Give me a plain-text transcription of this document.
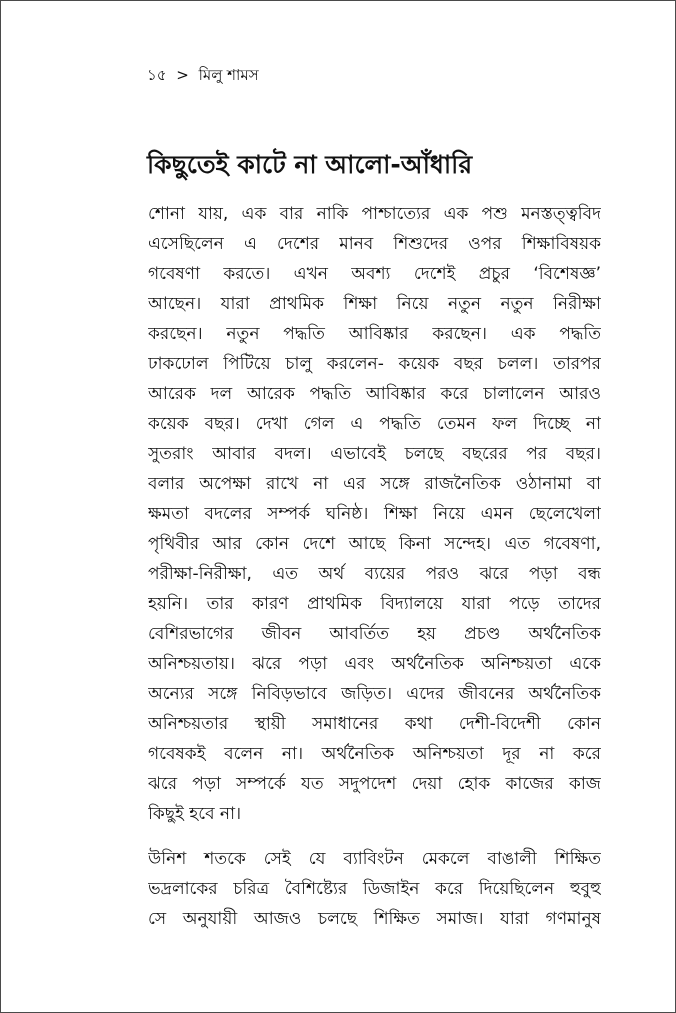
১৫ > মিলু শামস
কিছুতেই কাটে না আলো-আঁধারি
শোনা যায়, এক বার নাকি পাশ্চাত্যের এক পশু মনস্তত্ত্ববিদ
এসেছিলেন এ দেশের মানব শিশুদের ওপর শিক্ষাবিষয়ক
গবেষণা করতে। এখন অবশ্য দেশেই প্রচুর ‘বিশেষজ্ঞ’
আছেন। যারা প্রাথমিক শিক্ষা নিয়ে নতুন নতুন নিরীক্ষা
করছেন। নতুন পদ্ধতি আবিষ্কার করছেন। এক পদ্ধতি
ঢাকঢোল পিটিয়ে চালু করলেন- কয়েক বছর চলল। তারপর
আরেক দল আরেক পদ্ধতি আবিষ্কার করে চালালেন আরও
কয়েক বছর। দেখা গেল এ পদ্ধতি তেমন ফল দিচ্ছে না
সুতরাং আবার বদল। এভাবেই চলছে বছরের পর বছর।
বলার অপেক্ষা রাখে না এর সঙ্গে রাজনৈতিক ওঠানামা বা
ক্ষমতা বদলের সম্পর্ক ঘনিষ্ঠ। শিক্ষা নিয়ে এমন ছেলেখেলা
পৃথিবীর আর কোন দেশে আছে কিনা সন্দেহ। এত গবেষণা,
পরীক্ষা-নিরীক্ষা, এত অর্থ ব্যয়ের পরও ঝরে পড়া বন্ধ
হয়নি। তার কারণ প্রাথমিক বিদ্যালয়ে যারা পড়ে তাদের
বেশিরভাগের জীবন আবর্তিত হয় প্রচণ্ড অর্থনৈতিক
অনিশ্চয়তায়। ঝরে পড়া এবং অর্থনৈতিক অনিশ্চয়তা একে
অন্যের সঙ্গে নিবিড়ভাবে জড়িত। এদের জীবনের অর্থনৈতিক
অনিশ্চয়তার স্থায়ী সমাধানের কথা দেশী-বিদেশী কোন
গবেষকই বলেন না। অর্থনৈতিক অনিশ্চয়তা দূর না করে
ঝরে পড়া সম্পর্কে যত সদুপদেশ দেয়া হোক কাজের কাজ
কিছুই হবে না।
উনিশ শতকে সেই যে ব্যাবিংটন মেকলে বাঙালী শিক্ষিত
ভদ্রলাকের চরিত্র বৈশিষ্ট্যের ডিজাইন করে দিয়েছিলেন হুবুহু
সে অনুযায়ী আজও চলছে শিক্ষিত সমাজ। যারা গণমানুষ
